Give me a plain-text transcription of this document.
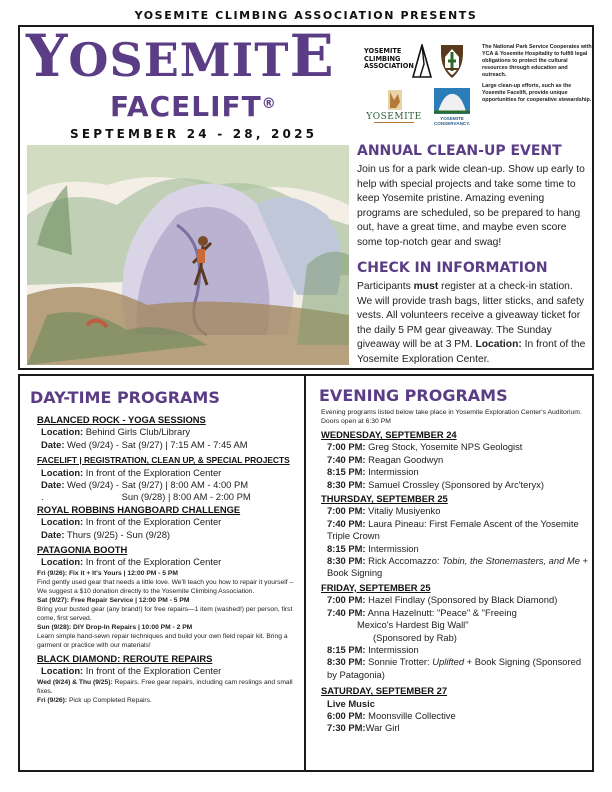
YOSEMITE CLIMBING ASSOCIATION PRESENTS
YOSEMITE
FACELIFT®
SEPTEMBER 24 - 28, 2025
YOSEMITE
CLIMBING
ASSOCIATION
YOSEMITE	YOSEMITE
CONSERVANCY.

The National Park Service Cooperates with YCA & Yosemite Hospitality to fulfill legal obligations to protect the cultural resources through education and outreach.

Large clean-up efforts, such as the Yosemite Facelift, provide unique opportunities for cooperative stewardship.

ANNUAL CLEAN-UP EVENT
Join us for a park wide clean-up. Show up early to help with special projects and take some time to keep Yosemite pristine. Amazing evening programs are scheduled, so be prepared to hang out, have a great time, and maybe even score some top-notch gear and swag!
CHECK IN INFORMATION
Participants must register at a check-in station. We will provide trash bags, litter sticks, and safety vests. All volunteers receive a giveaway ticket for the daily 5 PM gear giveaway. The Sunday giveaway will be at 3 PM. Location: In front of the Yosemite Exploration Center.
DAY-TIME PROGRAMS	EVENING PROGRAMS
BALANCED ROCK - YOGA SESSIONS
Location: Behind Girls Club/Library
Date: Wed (9/24) - Sat (9/27) | 7:15 AM - 7:45 AM
FACELIFT | REGISTRATION, CLEAN UP, & SPECIAL PROJECTS
Location: In front of the Exploration Center
Date: Wed (9/24) - Sat (9/27) | 8:00 AM - 4:00 PM
.	Sun (9/28) | 8:00 AM - 2:00 PM
ROYAL ROBBINS HANGBOARD CHALLENGE
Location: In front of the Exploration Center
Date: Thurs (9/25) - Sun (9/28)
PATAGONIA BOOTH
Location: In front of the Exploration Center
Fri (9/26): Fix it + It's Yours | 12:00 PM - 5 PM
Find gently used gear that needs a little love. We'll teach you how to repair it yourself – We suggest a $10 donation directly to the Yosemite Climbing Association.
Sat (9/27): Free Repair Service | 12:00 PM - 5 PM
Bring your busted gear (any brand!) for free repairs—1 item (washed!) per person, first come, first served.
Sun (9/28): DIY Drop-In Repairs | 10:00 PM - 2 PM
Learn simple hand-sewn repair techniques and build your own field repair kit. Bring a garment or practice with our materials!
BLACK DIAMOND: REROUTE REPAIRS
Location: In front of the Exploration Center
Wed (9/24) & Thu (9/25): Repairs. Free gear repairs, including cam reslings and small fixes.
Fri (9/26): Pick up Completed Repairs.
Evening programs listed below take place in Yosemite Exploration Center's Auditorium. Doors open at 6:30 PM
WEDNESDAY, SEPTEMBER 24
7:00 PM: Greg Stock, Yosemite NPS Geologist
7:40 PM: Reagan Goodwyn
8:15 PM: Intermission
8:30 PM: Samuel Crossley (Sponsored by Arc'teryx)
THURSDAY, SEPTEMBER 25
7:00 PM: Vitaliy Musiyenko
7:40 PM: Laura Pineau: First Female Ascent of the Yosemite Triple Crown
8:15 PM: Intermission
8:30 PM: Rick Accomazzo: Tobin, the Stonemasters, and Me + Book Signing
FRIDAY, SEPTEMBER 25
7:00 PM: Hazel Findlay (Sponsored by Black Diamond)
7:40 PM: Anna Hazelnutt: "Peace" & "Freeing
Mexico's Hardest Big Wall"
(Sponsored by Rab)
8:15 PM: Intermission
8:30 PM: Sonnie Trotter: Uplifted + Book Signing (Sponsored by Patagonia)
SATURDAY, SEPTEMBER 27
Live Music
6:00 PM: Moonsville Collective
7:30 PM:War Girl
